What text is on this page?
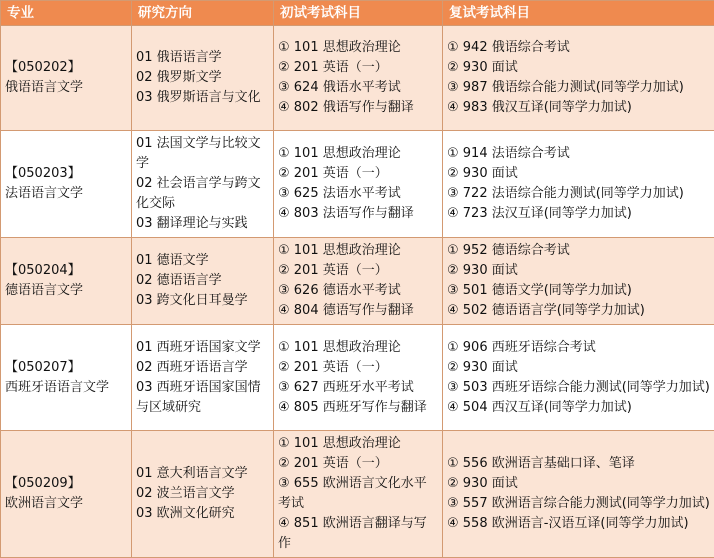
专业	研究方向	初试考试科目	复试考试科目

【050202】
俄语语言文学	01 俄语语言学
02 俄罗斯文学
03 俄罗斯语言与文化	① 101 思想政治理论
② 201 英语（一）
③ 624 俄语水平考试
④ 802 俄语写作与翻译	① 942 俄语综合考试
② 930 面试
③ 987 俄语综合能力测试(同等学力加试)
④ 983 俄汉互译(同等学力加试)

【050203】
法语语言文学	01 法国文学与比较文学
02 社会语言学与跨文化交际
03 翻译理论与实践	① 101 思想政治理论
② 201 英语（一）
③ 625 法语水平考试
④ 803 法语写作与翻译	① 914 法语综合考试
② 930 面试
③ 722 法语综合能力测试(同等学力加试)
④ 723 法汉互译(同等学力加试)

【050204】
德语语言文学	01 德语文学
02 德语语言学
03 跨文化日耳曼学	① 101 思想政治理论
② 201 英语（一）
③ 626 德语水平考试
④ 804 德语写作与翻译	① 952 德语综合考试
② 930 面试
③ 501 德语文学(同等学力加试)
④ 502 德语语言学(同等学力加试)

【050207】
西班牙语语言文学	01 西班牙语国家文学
02 西班牙语语言学
03 西班牙语国家国情与区域研究	① 101 思想政治理论
② 201 英语（一）
③ 627 西班牙水平考试
④ 805 西班牙写作与翻译	① 906 西班牙语综合考试
② 930 面试
③ 503 西班牙语综合能力测试(同等学力加试)
④ 504 西汉互译(同等学力加试)

【050209】
欧洲语言文学	01 意大利语言文学
02 波兰语言文学
03 欧洲文化研究	① 101 思想政治理论
② 201 英语（一）
③ 655 欧洲语言文化水平考试
④ 851 欧洲语言翻译与写作	① 556 欧洲语言基础口译、笔译
② 930 面试
③ 557 欧洲语言综合能力测试(同等学力加试)
④ 558 欧洲语言-汉语互译(同等学力加试)
